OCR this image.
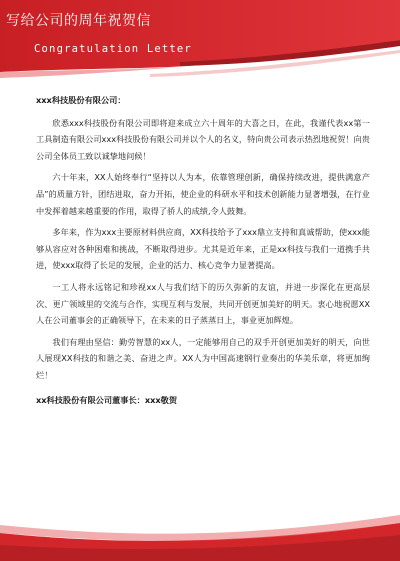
写给公司的周年祝贺信
Congratulation Letter
xxx科技股份有限公司：

欣悉xxx科技股份有限公司即将迎来成立六十周年的大喜之日，在此，我谨代表xx第一工具制造有限公司xxx科技股份有限公司并以个人的名义，特向贵公司表示热烈地祝贺！向贵公司全体员工致以诚挚地问候！

六十年来，XX人始终奉行“坚持以人为本，依靠管理创新，确保持续改进，提供满意产品”的质量方针，团结进取，奋力开拓，使企业的科研水平和技术创新能力显著增强，在行业中发挥着越来越重要的作用，取得了骄人的成绩,令人鼓舞。

多年来，作为xxx主要原材料供应商，XX科技给予了xxx鼎立支持和真诚帮助，使xxx能够从容应对各种困难和挑战，不断取得进步。尤其是近年来，正是xx科技与我们一道携手共进，使xxx取得了长足的发展，企业的活力、核心竞争力显著提高。

一工人将永远铭记和珍视xx人与我们结下的历久弥新的友谊，并进一步深化在更高层次、更广领域里的交流与合作，实现互利与发展，共同开创更加美好的明天。衷心地祝愿XX人在公司董事会的正确领导下，在未来的日子蒸蒸日上，事业更加辉煌。

我们有理由坚信：勤劳智慧的xx人，一定能够用自己的双手开创更加美好的明天，向世人展现XX科技的和谐之美、奋进之声。XX人为中国高速钢行业奏出的华美乐章，将更加绚烂！

xx科技股份有限公司董事长：xxx敬贺
